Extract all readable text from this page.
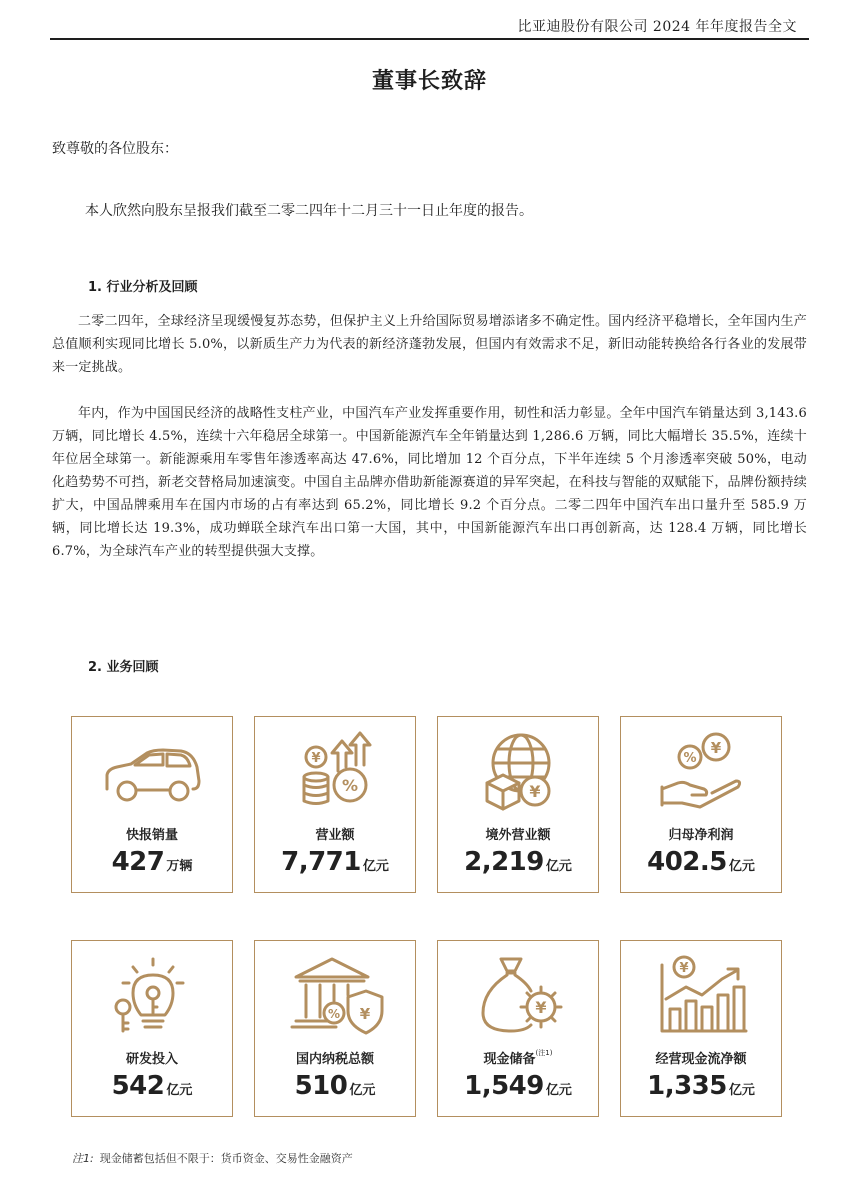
比亚迪股份有限公司 2024 年年度报告全文
董事长致辞
致尊敬的各位股东：
本人欣然向股东呈报我们截至二零二四年十二月三十一日止年度的报告。
1. 行业分析及回顾

二零二四年，全球经济呈现缓慢复苏态势，但保护主义上升给国际贸易增添诸多不确定性。国内经济平稳增长，全年国内生产总值顺利实现同比增长 5.0%，以新质生产力为代表的新经济蓬勃发展，但国内有效需求不足，新旧动能转换给各行各业的发展带来一定挑战。

年内，作为中国国民经济的战略性支柱产业，中国汽车产业发挥重要作用，韧性和活力彰显。全年中国汽车销量达到 3,143.6 万辆，同比增长 4.5%，连续十六年稳居全球第一。中国新能源汽车全年销量达到 1,286.6 万辆，同比大幅增长 35.5%，连续十年位居全球第一。新能源乘用车零售年渗透率高达 47.6%，同比增加 12 个百分点，下半年连续 5 个月渗透率突破 50%，电动化趋势势不可挡，新老交替格局加速演变。中国自主品牌亦借助新能源赛道的异军突起，在科技与智能的双赋能下，品牌份额持续扩大，中国品牌乘用车在国内市场的占有率达到 65.2%，同比增长 9.2 个百分点。二零二四年中国汽车出口量升至 585.9 万辆，同比增长达 19.3%，成功蝉联全球汽车出口第一大国，其中，中国新能源汽车出口再创新高，达 128.4 万辆，同比增长 6.7%，为全球汽车产业的转型提供强大支撑。

2. 业务回顾
快报销量
427 万辆
¥
%
营业额
7,771 亿元
¥
境外营业额
2,219 亿元
%
¥
归母净利润
402.5 亿元
研发投入
542 亿元
¥
%
国内纳税总额
510 亿元
¥
现金储备$^{(注1)}$
1,549 亿元
¥
经营现金流净额
1,335 亿元
注1: 现金储蓄包括但不限于：货币资金、交易性金融资产
